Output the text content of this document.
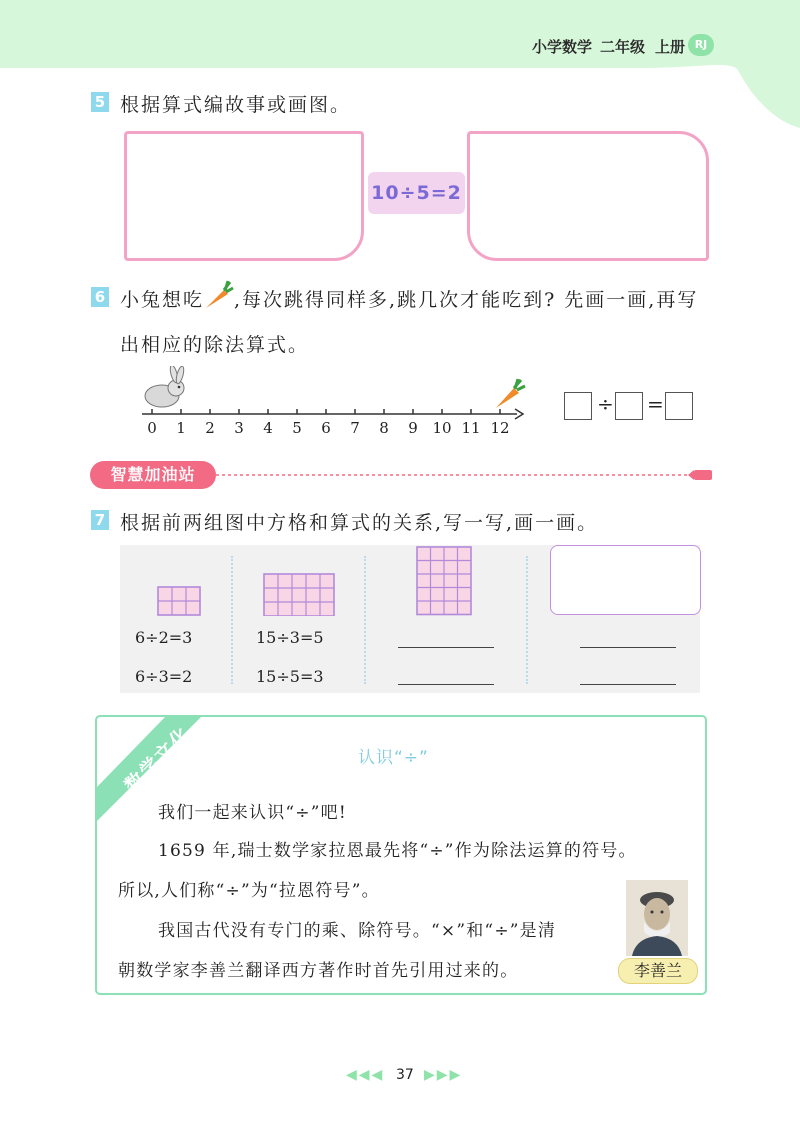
小学数学 二年级 上册 RJ
5 根据算式编故事或画图。
10÷5=2
6 小兔想吃 ,每次跳得同样多,跳几次才能吃到? 先画一画,再写
出相应的除法算式。
0 1 2 3 4 5 6 7 8 9 10 11 12
÷ =
智慧加油站
7 根据前两组图中方格和算式的关系,写一写,画一画。
6÷2=3
6÷3=2
15÷3=5
15÷5=3
数学文化	认识“÷”
我们一起来认识“÷”吧!
1659 年,瑞士数学家拉恩最先将“÷”作为除法运算的符号。
所以,人们称“÷”为“拉恩符号”。
我国古代没有专门的乘、除符号。“×”和“÷”是清
朝数学家李善兰翻译西方著作时首先引用过来的。	李善兰
◀◀◀ 37 ▶▶▶
